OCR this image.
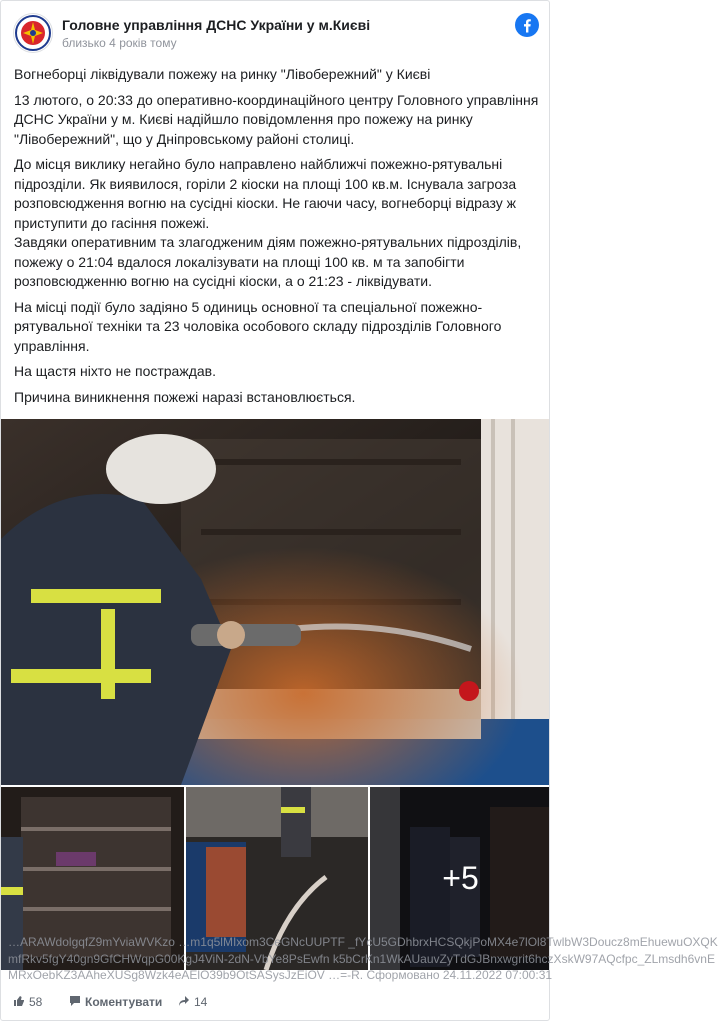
Головне управління ДСНС України у м.Києві
близько 4 років тому

Вогнеборці ліквідували пожежу на ринку "Лівобережний" у Києві

13 лютого, о 20:33 до оперативно-координаційного центру Головного управління ДСНС України у м. Києві надійшло повідомлення про пожежу на ринку "Лівобережний", що у Дніпровському районі столиці.

До місця виклику негайно було направлено найближчі пожежно-рятувальні підрозділи. Як виявилося, горіли 2 кіоски на площі 100 кв.м. Існувала загроза розповсюдження вогню на сусідні кіоски. Не гаючи часу, вогнеборці відразу ж приступити до гасіння пожежі.

Завдяки оперативним та злагодженим діям пожежно-рятувальних підрозділів, пожежу о 21:04 вдалося локалізувати на площі 100 кв. м та запобігти розповсюдженню вогню на сусідні кіоски, а о 21:23 - ліквідувати.

На місці події було задіяно 5 одиниць основної та спеціальної пожежно-рятувальної техніки та 23 чоловіка особового складу підрозділів Головного управління.

На щастя ніхто не постраждав.

Причина виникнення пожежі наразі встановлюється.

+5
58	Коментувати	14
…ARAWdolgqfZ9mYviaWVKzo …m1q5lMIxom3CeGNcUUPTF _fYcU5GDhbrxHCSQkjPoMX4e7lOl8TwlbW3Doucz8mEhuewuOXQKmfRkv5fgY40gn9GfCHWqpG00KgJ4ViN-2dN-VbYe8PsEwfn k5bCrKn1WkAUauvZyTdGJBnxwgrit6hczXskW97AQcfpc_ZLmsdh6vnEMRxOebKZ3AAheXUSg8Wzk4eAElO39b9OtSASysJzEiOV …=-R. Сформовано 24.11.2022 07:00:31
